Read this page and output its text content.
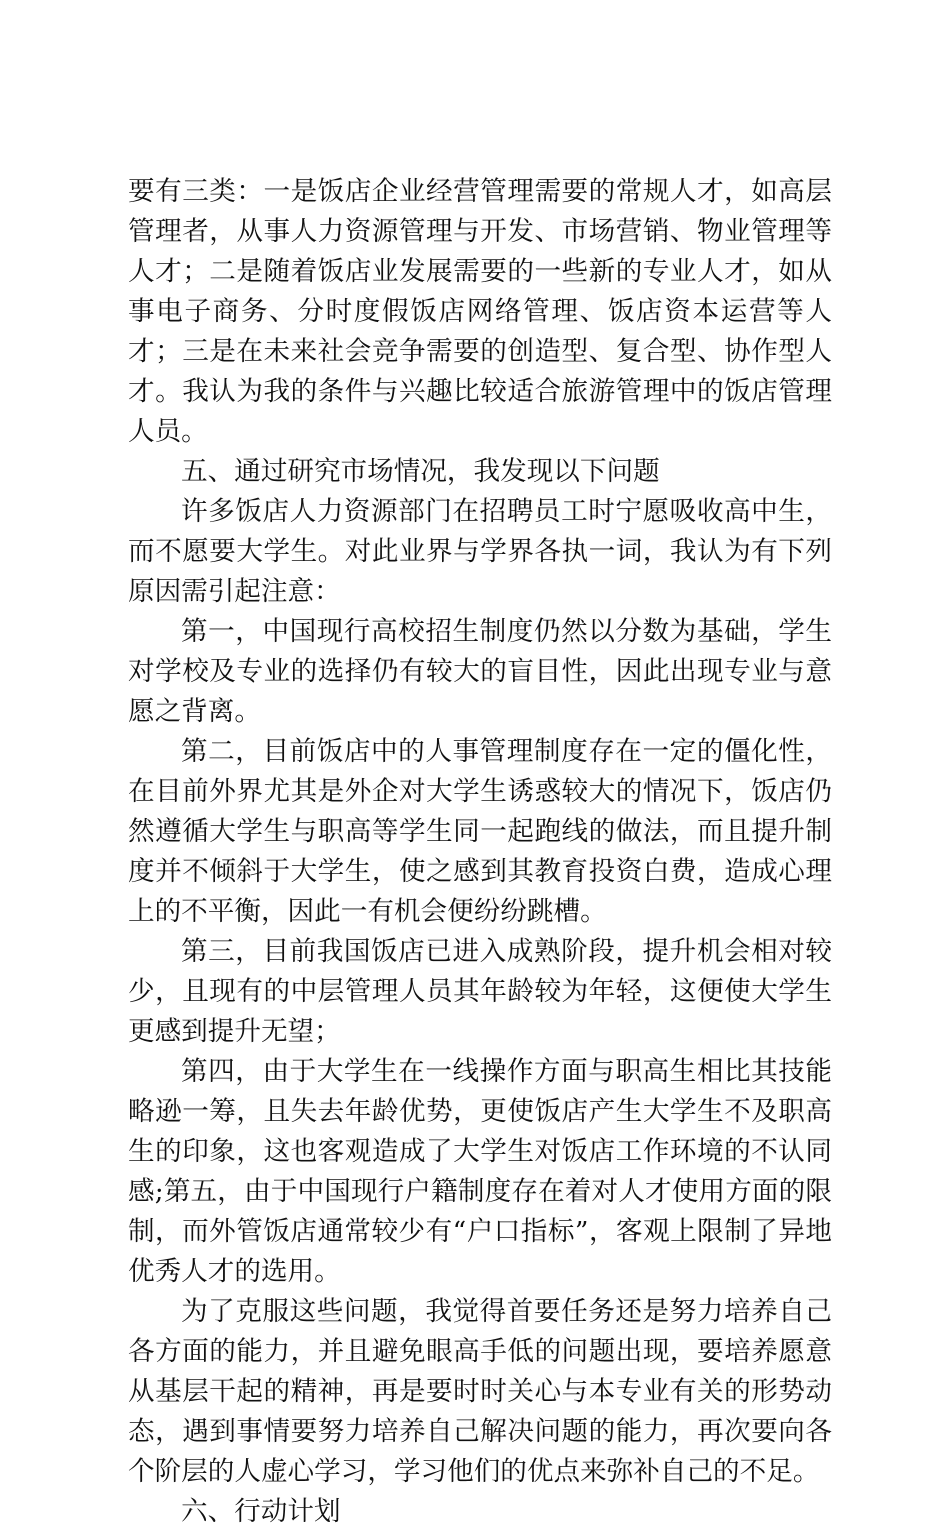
要有三类：一是饭店企业经营管理需要的常规人才，如高层管理者，从事人力资源管理与开发、市场营销、物业管理等人才；二是随着饭店业发展需要的一些新的专业人才，如从事电子商务、分时度假饭店网络管理、饭店资本运营等人才；三是在未来社会竞争需要的创造型、复合型、协作型人才。我认为我的条件与兴趣比较适合旅游管理中的饭店管理人员。

五、通过研究市场情况，我发现以下问题

许多饭店人力资源部门在招聘员工时宁愿吸收高中生，而不愿要大学生。对此业界与学界各执一词，我认为有下列原因需引起注意：

第一，中国现行高校招生制度仍然以分数为基础，学生对学校及专业的选择仍有较大的盲目性，因此出现专业与意愿之背离。

第二，目前饭店中的人事管理制度存在一定的僵化性，在目前外界尤其是外企对大学生诱惑较大的情况下，饭店仍然遵循大学生与职高等学生同一起跑线的做法，而且提升制度并不倾斜于大学生，使之感到其教育投资白费，造成心理上的不平衡，因此一有机会便纷纷跳槽。

第三，目前我国饭店已进入成熟阶段，提升机会相对较少，且现有的中层管理人员其年龄较为年轻，这便使大学生更感到提升无望；

第四，由于大学生在一线操作方面与职高生相比其技能略逊一筹，且失去年龄优势，更使饭店产生大学生不及职高生的印象，这也客观造成了大学生对饭店工作环境的不认同感;第五，由于中国现行户籍制度存在着对人才使用方面的限制，而外管饭店通常较少有“户口指标”，客观上限制了异地优秀人才的选用。

为了克服这些问题，我觉得首要任务还是努力培养自己各方面的能力，并且避免眼高手低的问题出现，要培养愿意从基层干起的精神，再是要时时关心与本专业有关的形势动态，遇到事情要努力培养自己解决问题的能力，再次要向各个阶层的人虚心学习，学习他们的优点来弥补自己的不足。

六、行动计划
